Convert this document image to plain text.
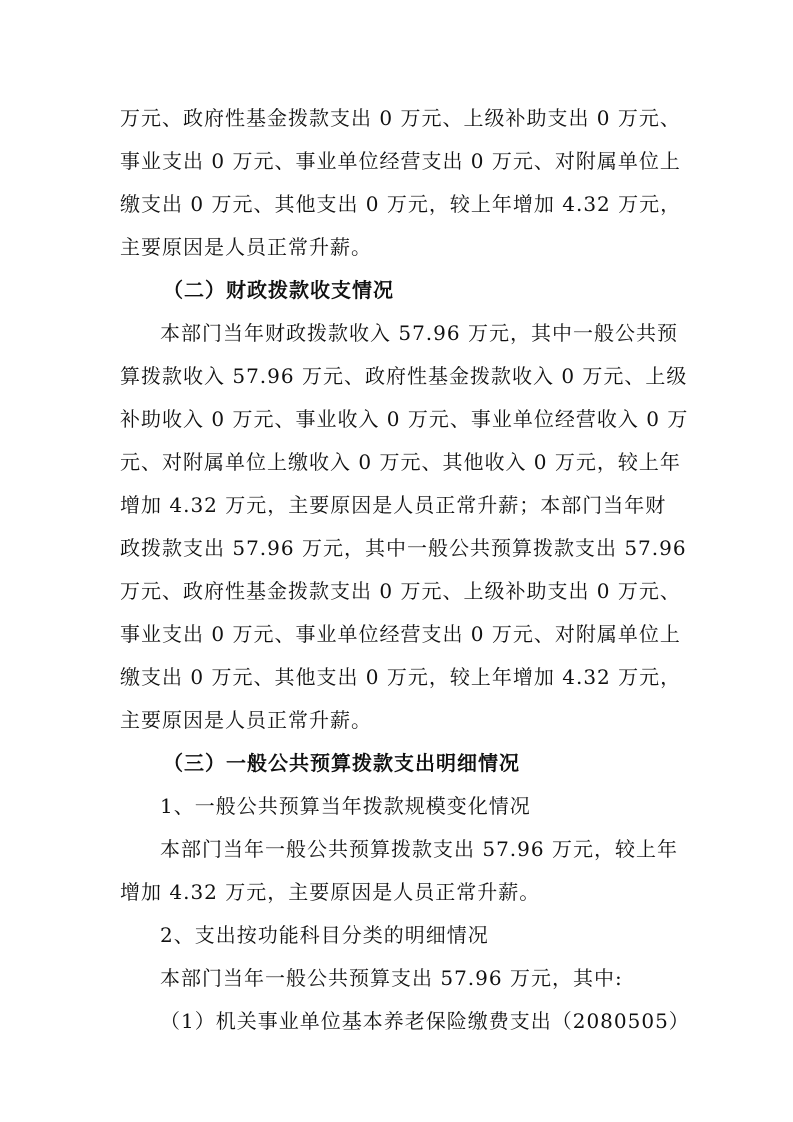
万元、政府性基金拨款支出 0 万元、上级补助支出 0 万元、
事业支出 0 万元、事业单位经营支出 0 万元、对附属单位上
缴支出 0 万元、其他支出 0 万元，较上年增加 4.32 万元，
主要原因是人员正常升薪。
（二）财政拨款收支情况
本部门当年财政拨款收入 57.96 万元，其中一般公共预
算拨款收入 57.96 万元、政府性基金拨款收入 0 万元、上级
补助收入 0 万元、事业收入 0 万元、事业单位经营收入 0 万
元、对附属单位上缴收入 0 万元、其他收入 0 万元，较上年
增加 4.32 万元，主要原因是人员正常升薪；本部门当年财
政拨款支出 57.96 万元，其中一般公共预算拨款支出 57.96
万元、政府性基金拨款支出 0 万元、上级补助支出 0 万元、
事业支出 0 万元、事业单位经营支出 0 万元、对附属单位上
缴支出 0 万元、其他支出 0 万元，较上年增加 4.32 万元，
主要原因是人员正常升薪。
（三）一般公共预算拨款支出明细情况
1、一般公共预算当年拨款规模变化情况
本部门当年一般公共预算拨款支出 57.96 万元，较上年
增加 4.32 万元，主要原因是人员正常升薪。
2、支出按功能科目分类的明细情况
本部门当年一般公共预算支出 57.96 万元，其中:
（1）机关事业单位基本养老保险缴费支出（2080505）
